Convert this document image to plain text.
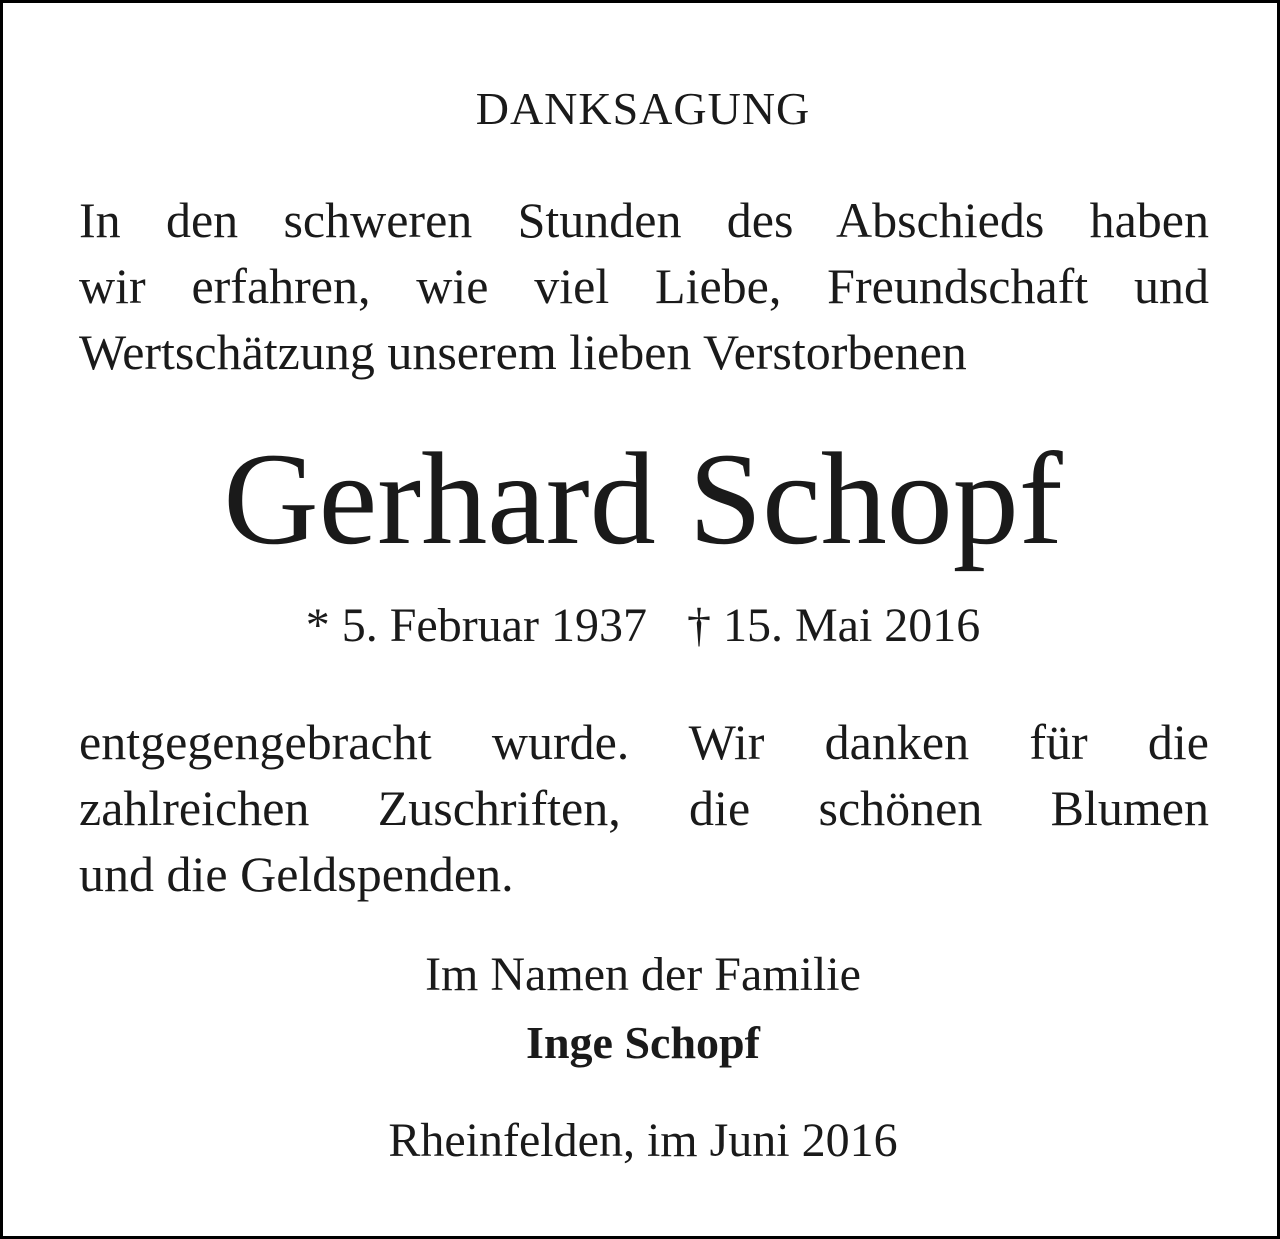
DANKSAGUNG

In den schweren Stunden des Abschieds haben

wir erfahren, wie viel Liebe, Freundschaft und

Wertschätzung unserem lieben Verstorbenen

Gerhard Schopf

* 5. Februar 1937 † 15. Mai 2016

entgegengebracht wurde. Wir danken für die

zahlreichen Zuschriften, die schönen Blumen

und die Geldspenden.

Im Namen der Familie

Inge Schopf

Rheinfelden, im Juni 2016
